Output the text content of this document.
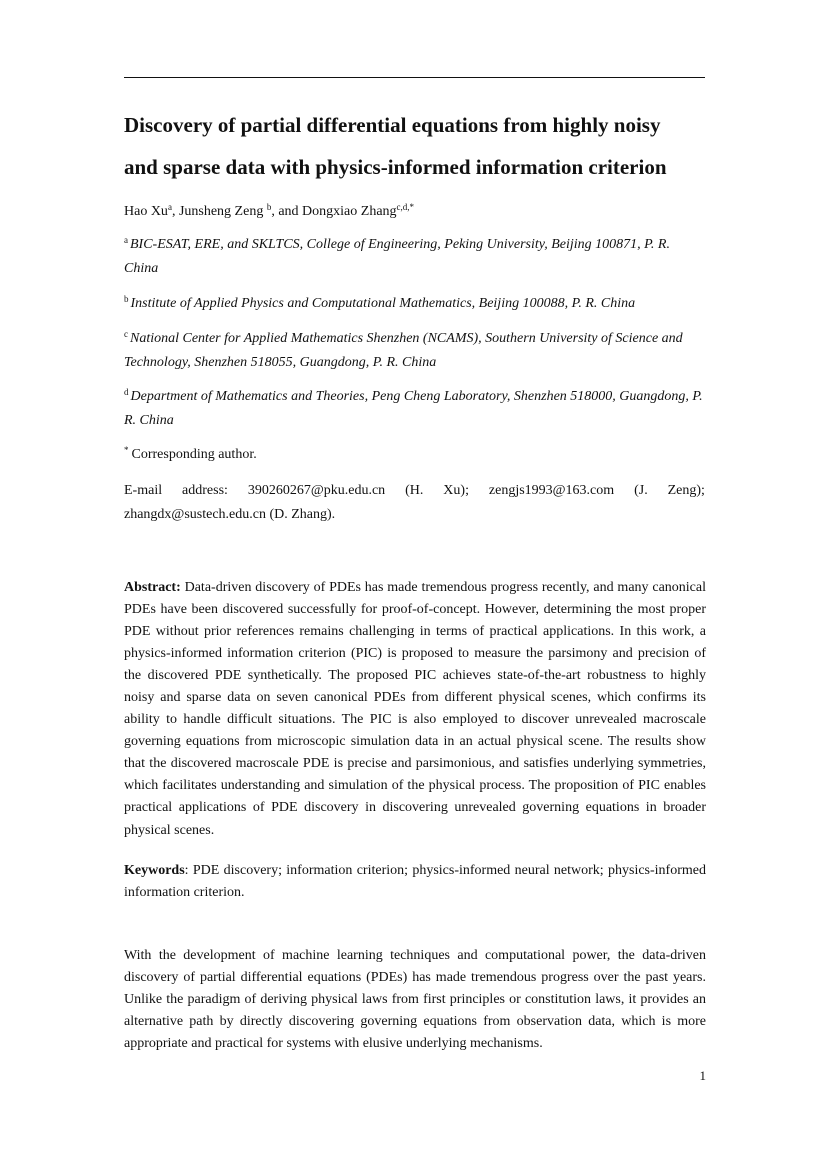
Discovery of partial differential equations from highly noisy
and sparse data with physics-informed information criterion
Hao Xu$^a$, Junsheng Zeng $^b$, and Dongxiao Zhang$^{c,d,*}$
$^a$ BIC-ESAT, ERE, and SKLTCS, College of Engineering, Peking University, Beijing 100871, P. R. China
$^b$ Institute of Applied Physics and Computational Mathematics, Beijing 100088, P. R. China
$^c$ National Center for Applied Mathematics Shenzhen (NCAMS), Southern University of Science and Technology, Shenzhen 518055, Guangdong, P. R. China
$^d$ Department of Mathematics and Theories, Peng Cheng Laboratory, Shenzhen 518000, Guangdong, P. R. China
* Corresponding author.
E-mail address: 390260267@pku.edu.cn (H. Xu); zengjs1993@163.com (J. Zeng);
zhangdx@sustech.edu.cn (D. Zhang).

Abstract: Data-driven discovery of PDEs has made tremendous progress recently, and many canonical PDEs have been discovered successfully for proof-of-concept. However, determining the most proper PDE without prior references remains challenging in terms of practical applications. In this work, a physics-informed information criterion (PIC) is proposed to measure the parsimony and precision of the discovered PDE synthetically. The proposed PIC achieves state-of-the-art robustness to highly noisy and sparse data on seven canonical PDEs from different physical scenes, which confirms its ability to handle difficult situations. The PIC is also employed to discover unrevealed macroscale governing equations from microscopic simulation data in an actual physical scene. The results show that the discovered macroscale PDE is precise and parsimonious, and satisfies underlying symmetries, which facilitates understanding and simulation of the physical process. The proposition of PIC enables practical applications of PDE discovery in discovering unrevealed governing equations in broader physical scenes.

Keywords: PDE discovery; information criterion; physics-informed neural network; physics-informed information criterion.

With the development of machine learning techniques and computational power, the data-driven discovery of partial differential equations (PDEs) has made tremendous progress over the past years. Unlike the paradigm of deriving physical laws from first principles or constitution laws, it provides an alternative path by directly discovering governing equations from observation data, which is more appropriate and practical for systems with elusive underlying mechanisms.

1
